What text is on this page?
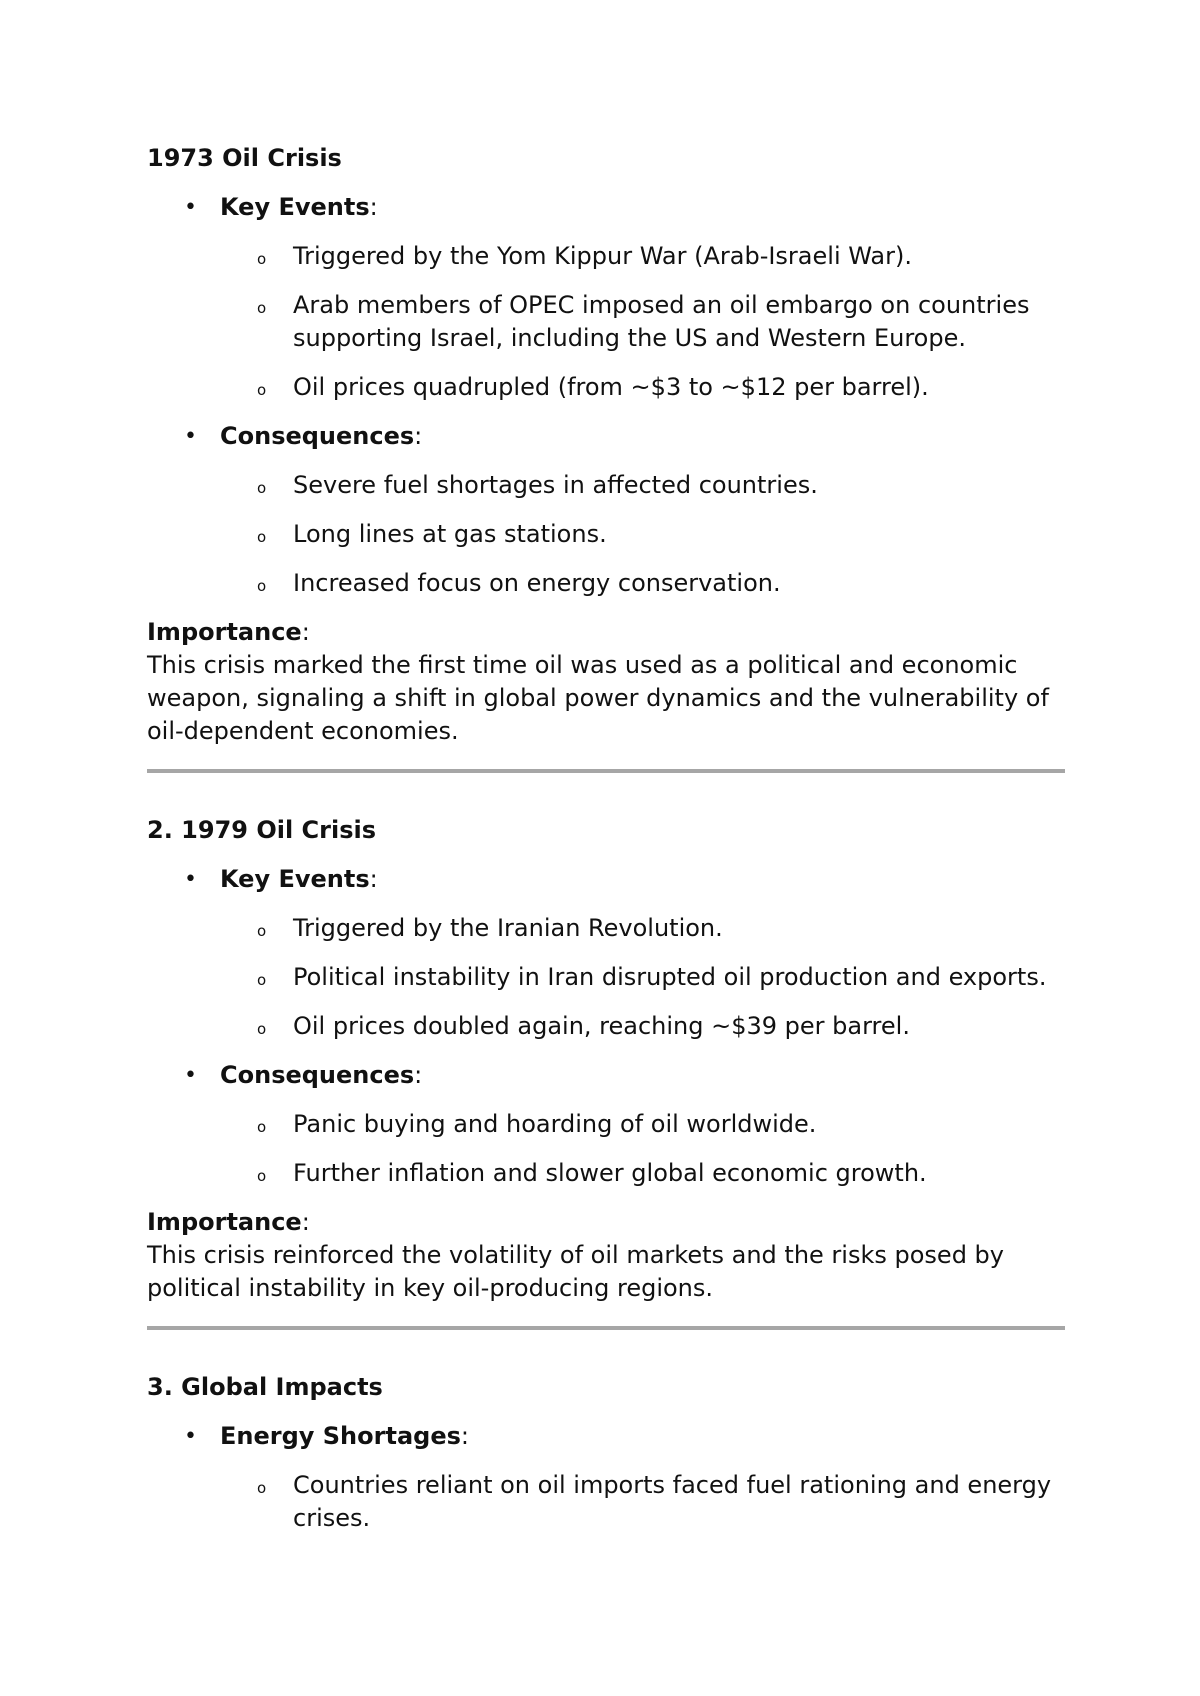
1973 Oil Crisis

• Key Events:
o Triggered by the Yom Kippur War (Arab-Israeli War).
o Arab members of OPEC imposed an oil embargo on countries supporting Israel, including the US and Western Europe.
o Oil prices quadrupled (from ~$3 to ~$12 per barrel).
• Consequences:
o Severe fuel shortages in affected countries.
o Long lines at gas stations.
o Increased focus on energy conservation.
Importance:
This crisis marked the first time oil was used as a political and economic weapon, signaling a shift in global power dynamics and the vulnerability of oil-dependent economies.

2. 1979 Oil Crisis

• Key Events:
o Triggered by the Iranian Revolution.
o Political instability in Iran disrupted oil production and exports.
o Oil prices doubled again, reaching ~$39 per barrel.
• Consequences:
o Panic buying and hoarding of oil worldwide.
o Further inflation and slower global economic growth.
Importance:
This crisis reinforced the volatility of oil markets and the risks posed by political instability in key oil-producing regions.

3. Global Impacts

• Energy Shortages:
o Countries reliant on oil imports faced fuel rationing and energy crises.
